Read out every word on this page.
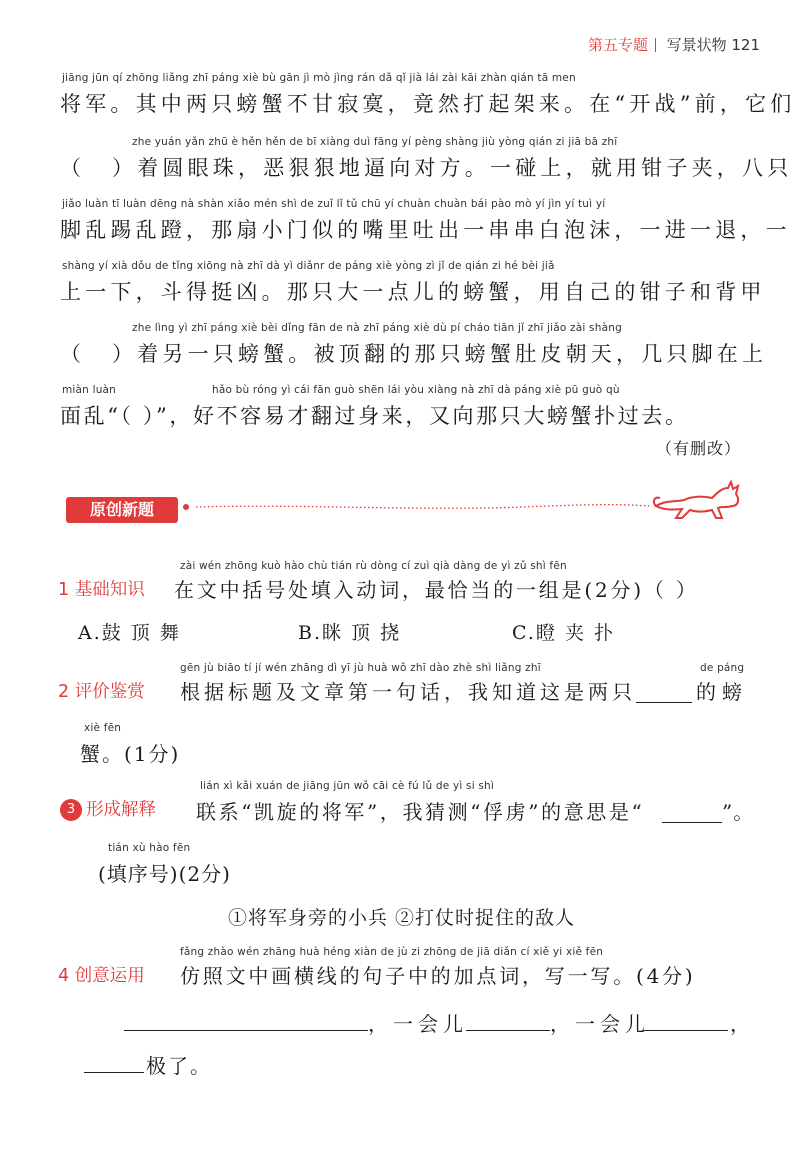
第五专题 写景状物 121
jiāng jūn qí zhōng liǎng zhī páng xiè bù gān jì mò jìng rán dǎ qǐ jià lái zài kāi zhàn qián tā men
将军。其中两只螃蟹不甘寂寞，竟然打起架来。在“开战”前，它们
zhe yuán yǎn zhū è hěn hěn de bī xiàng duì fāng yí pèng shàng jiù yòng qián zi jiā bā zhī
（ ）着圆眼珠，恶狠狠地逼向对方。一碰上，就用钳子夹，八只
jiǎo luàn tī luàn dēng nà shàn xiǎo mén shì de zuǐ lǐ tǔ chū yí chuàn chuàn bái pào mò yí jìn yí tuì yí
脚乱踢乱蹬，那扇小门似的嘴里吐出一串串白泡沫，一进一退，一
shàng yí xià dǒu de tǐng xiōng nà zhī dà yì diǎnr de páng xiè yòng zì jǐ de qián zi hé bèi jiǎ
上一下，斗得挺凶。那只大一点儿的螃蟹，用自己的钳子和背甲
zhe lìng yì zhī páng xiè bèi dǐng fān de nà zhī páng xiè dù pí cháo tiān jǐ zhī jiǎo zài shàng
（ ）着另一只螃蟹。被顶翻的那只螃蟹肚皮朝天，几只脚在上
miàn luàn	hǎo bù róng yì cái fān guò shēn lái yòu xiàng nà zhī dà páng xiè pū guò qù
面乱“（ ）”，好不容易才翻过身来，又向那只大螃蟹扑过去。
（有删改）
原创新题
zài wén zhōng kuò hào chù tián rù dòng cí zuì qià dàng de yì zǔ shì fēn
1 基础知识 在文中括号处填入动词，最恰当的一组是(2分)（ ）
A.鼓 顶 舞	B.眯 顶 挠	C.瞪 夹 扑
gēn jù biāo tí jí wén zhāng dì yī jù huà wǒ zhī dào zhè shì liǎng zhī	de páng
2 评价鉴赏 根据标题及文章第一句话，我知道这是两只	的螃
xiè fēn
蟹。(1分)
lián xì kǎi xuán de jiāng jūn wǒ cāi cè fú lǔ de yì si shì
3 形成解释 联系“凯旋的将军”，我猜测“俘虏”的意思是“	”。
tián xù hào fēn
(填序号)(2分)
①将军身旁的小兵 ②打仗时捉住的敌人
fǎng zhào wén zhāng huà héng xiàn de jù zi zhōng de jiā diǎn cí xiě yi xiě fēn
4 创意运用 仿照文中画横线的句子中的加点词，写一写。(4分)
，一会儿	，一会儿	，
极了。
